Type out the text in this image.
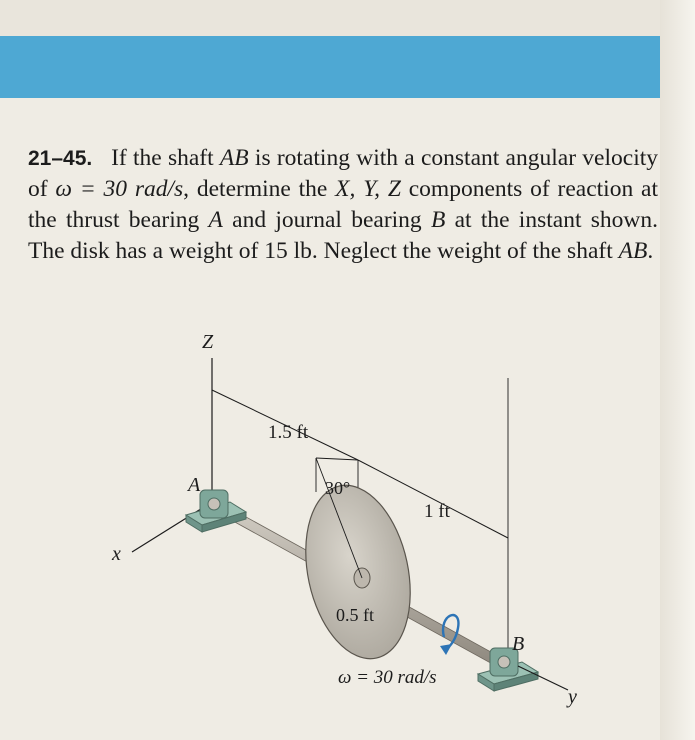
21–45. If the shaft AB is rotating with a constant angular velocity of ω = 30 rad/s, determine the X, Y, Z components of reaction at the thrust bearing A and journal bearing B at the instant shown. The disk has a weight of 15 lb. Neglect the weight of the shaft AB.
Z
x
1.5 ft
1 ft
A	30°
0.5 ft
ω = 30 rad/s
B
y
